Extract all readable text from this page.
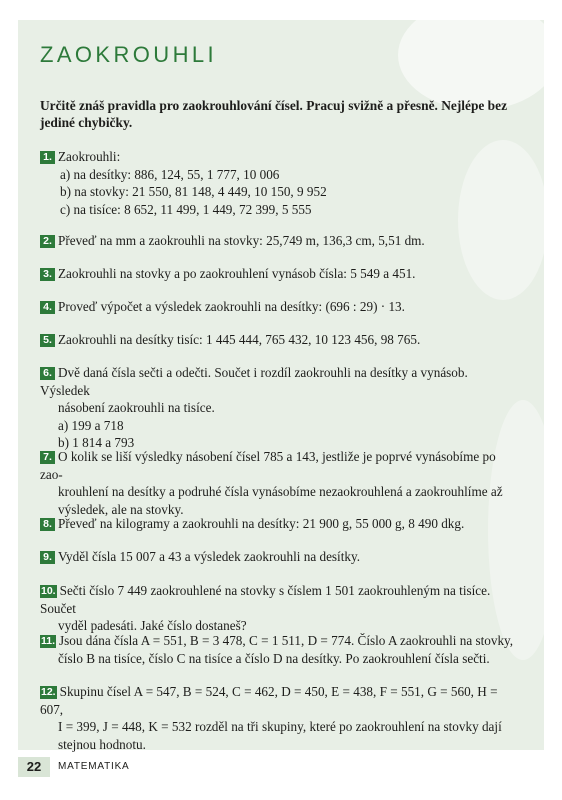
ZAOKROUHLI
Určitě znáš pravidla pro zaokrouhlování čísel. Pracuj svižně a přesně. Nejlépe bez jediné chybičky.

1. Zaokrouhli:

a) na desítky: 886, 124, 55, 1 777, 10 006

b) na stovky: 21 550, 81 148, 4 449, 10 150, 9 952

c) na tisíce: 8 652, 11 499, 1 449, 72 399, 5 555

2. Převeď na mm a zaokrouhli na stovky: 25,749 m, 136,3 cm, 5,51 dm.

3. Zaokrouhli na stovky a po zaokrouhlení vynásob čísla: 5 549 a 451.

4. Proveď výpočet a výsledek zaokrouhli na desítky: (696 : 29) · 13.

5. Zaokrouhli na desítky tisíc: 1 445 444, 765 432, 10 123 456, 98 765.

6. Dvě daná čísla sečti a odečti. Součet i rozdíl zaokrouhli na desítky a vynásob. Výsledek

násobení zaokrouhli na tisíce.

a) 199 a 718

b) 1 814 a 793

7. O kolik se liší výsledky násobení čísel 785 a 143, jestliže je poprvé vynásobíme po zao-

krouhlení na desítky a podruhé čísla vynásobíme nezaokrouhlená a zaokrouhlíme až

výsledek, ale na stovky.

8. Převeď na kilogramy a zaokrouhli na desítky: 21 900 g, 55 000 g, 8 490 dkg.

9. Vyděl čísla 15 007 a 43 a výsledek zaokrouhli na desítky.

10. Sečti číslo 7 449 zaokrouhlené na stovky s číslem 1 501 zaokrouhleným na tisíce. Součet

vyděl padesáti. Jaké číslo dostaneš?

11. Jsou dána čísla A = 551, B = 3 478, C = 1 511, D = 774. Číslo A zaokrouhli na stovky,

číslo B na tisíce, číslo C na tisíce a číslo D na desítky. Po zaokrouhlení čísla sečti.

12. Skupinu čísel A = 547, B = 524, C = 462, D = 450, E = 438, F = 551, G = 560, H = 607,

I = 399, J = 448, K = 532 rozděl na tři skupiny, které po zaokrouhlení na stovky dají

stejnou hodnotu.

22	MATEMATIKA
